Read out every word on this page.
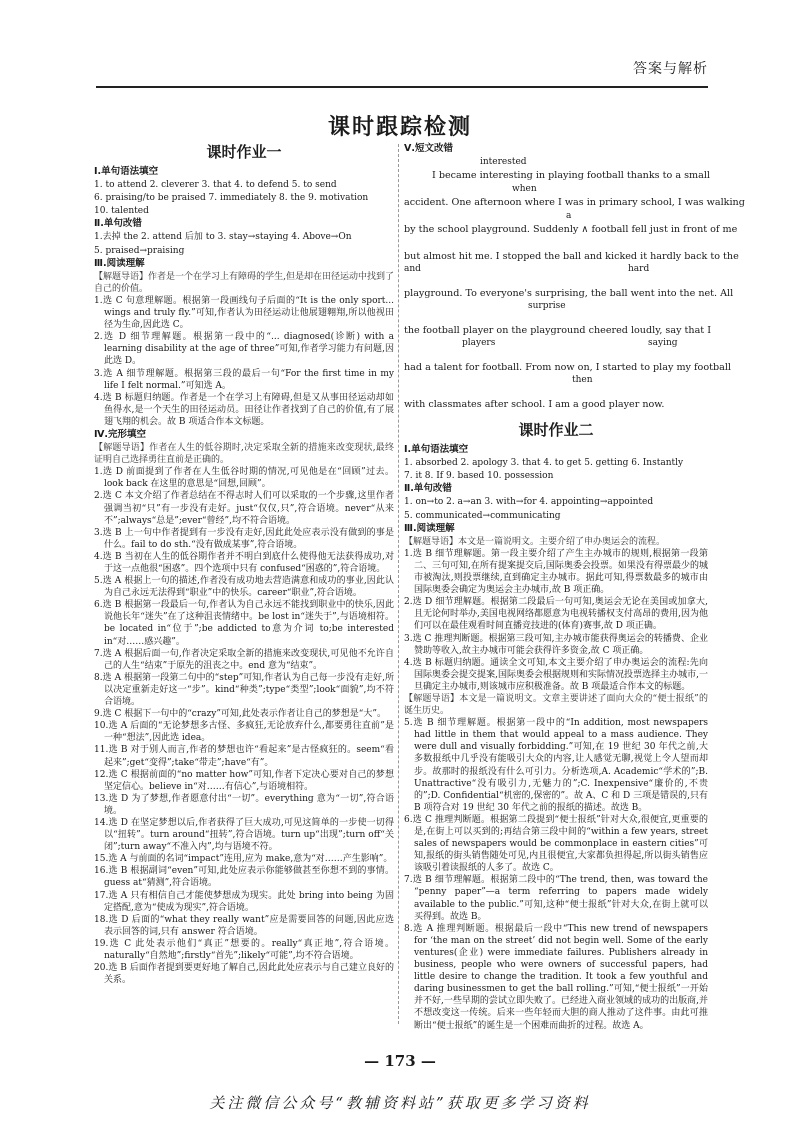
答案与解析
课时跟踪检测
课时作业一
Ⅰ.单句语法填空
1. to attend 2. cleverer 3. that 4. to defend 5. to send
6. praising/to be praised 7. immediately 8. the 9. motivation
10. talented
Ⅱ.单句改错
1.去掉 the 2. attend 后加 to 3. stay→staying 4. Above→On
5. praised→praising
Ⅲ.阅读理解

【解题导语】作者是一个在学习上有障碍的学生,但是却在田径运动中找到了自己的价值。

1.选 C 句意理解题。根据第一段画线句子后面的“It is the only sport... wings and truly fly.”可知,作者认为田径运动让他展翅翱翔,所以他视田径为生命,因此选 C。

2.选 D 细节理解题。根据第一段中的“... diagnosed(诊断) with a learning disability at the age of three”可知,作者学习能力有问题,因此选 D。

3.选 A 细节理解题。根据第三段的最后一句“For the first time in my life I felt normal.”可知选 A。

4.选 B 标题归纳题。作者是一个在学习上有障碍,但是又从事田径运动却如鱼得水,是一个天生的田径运动员。田径让作者找到了自己的价值,有了展翅飞翔的机会。故 B 项适合作本文标题。

Ⅳ.完形填空

【解题导语】作者在人生的低谷期时,决定采取全新的措施来改变现状,最终证明自己选择勇往直前是正确的。

1.选 D 前面提到了作者在人生低谷时期的情况,可见他是在“回顾”过去。look back 在这里的意思是“回想,回顾”。

2.选 C 本文介绍了作者总结在不得志时人们可以采取的一个步骤,这里作者强调当初“只”有一步没有走好。just“仅仅,只”,符合语境。never“从来不”;always“总是”;ever“曾经”,均不符合语境。

3.选 B 上一句中作者提到有一步没有走好,因此此处应表示没有做到的事是什么。fail to do sth.“没有做成某事”,符合语境。

4.选 B 当初在人生的低谷期作者并不明白到底什么使得他无法获得成功,对于这一点他很“困惑”。四个选项中只有 confused“困惑的”,符合语境。

5.选 A 根据上一句的描述,作者没有成功地去营造满意和成功的事业,因此认为自己永远无法得到“职业”中的快乐。career“职业”,符合语境。

6.选 B 根据第一段最后一句,作者认为自己永远不能找到职业中的快乐,因此说他长年“迷失”在了这种沮丧情绪中。be lost in“迷失于”,与语境相符。be located in“位于”;be addicted to意为介词 to;be interested in“对……感兴趣”。

7.选 A 根据后面一句,作者决定采取全新的措施来改变现状,可见他不允许自己的人生“结束”于原先的沮丧之中。end 意为“结束”。

8.选 A 根据第一段第二句中的“step”可知,作者认为自己每一步没有走好,所以决定重新走好这一“步”。kind“种类”;type“类型”;look“面貌”,均不符合语境。

9.选 C 根据下一句中的“crazy”可知,此处表示作者让自己的梦想是“大”。

10.选 A 后面的“无论梦想多古怪、多疯狂,无论放弃什么,都要勇往直前”是一种“想法”,因此选 idea。

11.选 B 对于别人而言,作者的梦想也许“看起来”是古怪疯狂的。seem“看起来”;get“变得”;take“带走”;have“有”。

12.选 C 根据前面的“no matter how”可知,作者下定决心要对自己的梦想坚定信心。believe in“对……有信心”,与语境相符。

13.选 D 为了梦想,作者愿意付出“一切”。everything 意为“一切”,符合语境。

14.选 D 在坚定梦想以后,作者获得了巨大成功,可见这简单的一步使一切得以“扭转”。turn around“扭转”,符合语境。turn up“出现”;turn off“关闭”;turn away“不准入内”,均与语境不符。

15.选 A 与前面的名词“impact”连用,应为 make,意为“对……产生影响”。

16.选 B 根据副词“even”可知,此处应表示你能够做甚至你想不到的事情。guess at“猜测”,符合语境。

17.选 A 只有相信自己才能使梦想成为现实。此处 bring into being 为固定搭配,意为“使成为现实”,符合语境。

18.选 D 后面的“what they really want”应是需要回答的问题,因此应选表示回答的词,只有 answer 符合语境。

19.选 C 此处表示他们“真正”想要的。really“真正地”,符合语境。naturally“自然地”;firstly“首先”;likely“可能”,均不符合语境。

20.选 B 后面作者提到要更好地了解自己,因此此处应表示与自己建立良好的关系。

Ⅴ.短文改错
interested
I became interesting in playing football thanks to a small
when
accident. One afternoon where I was in primary school, I was walking
a
by the school playground. Suddenly ∧ football fell just in front of me
but almost hit me. I stopped the ball and kicked it hardly back to the
and	hard
playground. To everyone's surprising, the ball went into the net. All
surprise
the football player on the playground cheered loudly, say that I
players	saying
had a talent for football. From now on, I started to play my football
then
with classmates after school. I am a good player now.
课时作业二
Ⅰ.单句语法填空
1. absorbed 2. apology 3. that 4. to get 5. getting 6. Instantly
7. it 8. If 9. based 10. possession
Ⅱ.单句改错
1. on→to 2. a→an 3. with→for 4. appointing→appointed
5. communicated→communicating
Ⅲ.阅读理解

【解题导语】本文是一篇说明文。主要介绍了申办奥运会的流程。

1.选 B 细节理解题。第一段主要介绍了产生主办城市的规则,根据第一段第二、三句可知,在所有提案提交后,国际奥委会投票。如果没有得票最少的城市被淘汰,则投票继续,直到确定主办城市。据此可知,得票数最多的城市由国际奥委会确定为奥运会主办城市,故 B 项正确。

2.选 D 细节理解题。根据第二段最后一句可知,奥运会无论在美国或加拿大,且无论何时举办,美国电视网络都愿意为电视转播权支付高昂的费用,因为他们可以在最佳观看时间直播竞技进的(体育)赛事,故 D 项正确。

3.选 C 推理判断题。根据第三段可知,主办城市能获得奥运会的转播费、企业赞助等收入,故主办城市可能会获得许多资金,故 C 项正确。

4.选 B 标题归纳题。通读全文可知,本文主要介绍了申办奥运会的流程:先向国际奥委会提交提案,国际奥委会根据规则和实际情况投票选择主办城市,一旦确定主办城市,则该城市应积极准备。故 B 项最适合作本文的标题。

【解题导语】本文是一篇说明文。文章主要讲述了面向大众的“便士报纸”的诞生历史。

5.选 B 细节理解题。根据第一段中的“In addition, most newspapers had little in them that would appeal to a mass audience. They were dull and visually forbidding.”可知,在 19 世纪 30 年代之前,大多数报纸中几乎没有能吸引大众的内容,让人感觉无聊,视觉上令人望而却步。故那时的报纸没有什么可引力。分析选项,A. Academic“学术的”;B. Unattractive“没有吸引力,无魅力的”;C. Inexpensive“廉价的,不贵的”;D. Confidential“机密的,保密的”。故 A、C 和 D 三项是错误的,只有 B 项符合对 19 世纪 30 年代之前的报纸的描述。故选 B。

6.选 C 推理判断题。根据第二段提到“便士报纸”针对大众,很便宜,更重要的是,在街上可以买到的;再结合第三段中间的“within a few years, street sales of newspapers would be commonplace in eastern cities”可知,报纸的街头销售随处可见,内且很便宜,大家都负担得起,所以街头销售应该吸引着读报纸的人多了。故选 C。

7.选 B 细节理解题。根据第二段中的“The trend, then, was toward the “penny paper”—a term referring to papers made widely available to the public.”可知,这种“便士报纸”针对大众,在街上就可以买得到。故选 B。

8.选 A 推理判断题。根据最后一段中“This new trend of newspapers for ‘the man on the street’ did not begin well. Some of the early ventures(企业) were immediate failures. Publishers already in business, people who were owners of successful papers, had little desire to change the tradition. It took a few youthful and daring businessmen to get the ball rolling.”可知,“便士报纸”一开始并不好,一些早期的尝试立即失败了。已经进入商业领域的成功的出版商,并不想改变这一传统。后来一些年轻而大胆的商人推动了这件事。由此可推断出“便士报纸”的诞生是一个困难而曲折的过程。故选 A。

— 173 —
关注微信公众号“教辅资料站”获取更多学习资料
